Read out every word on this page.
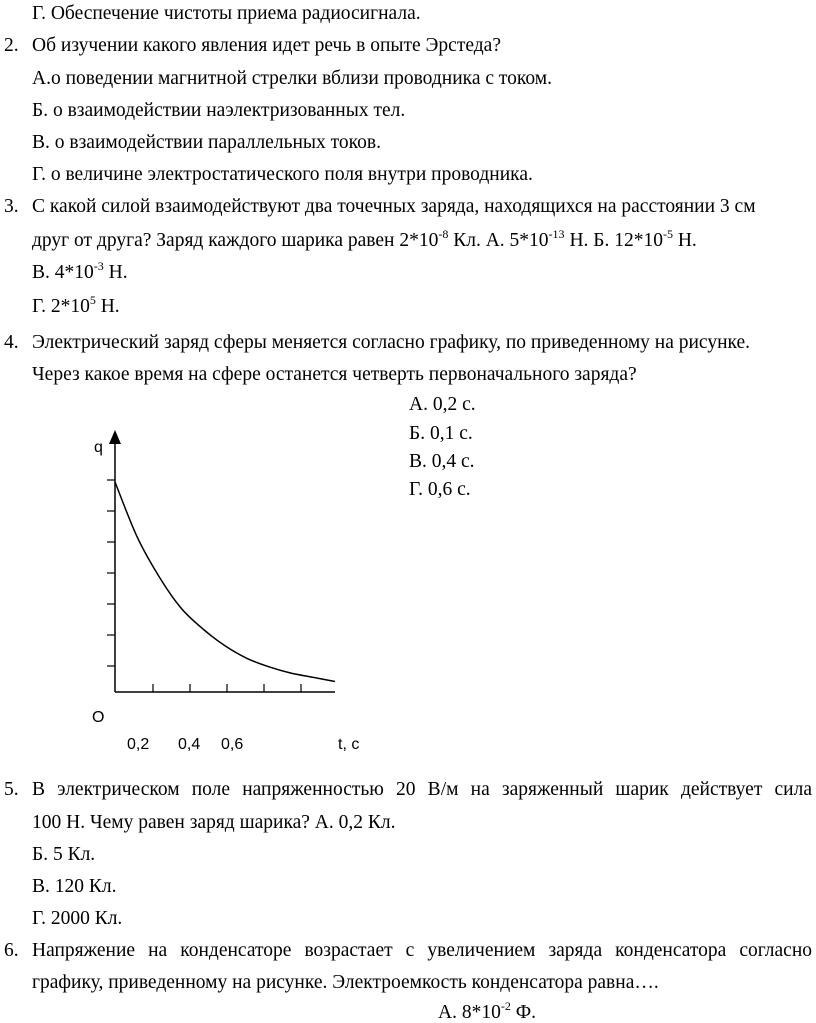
Г. Обеспечение чистоты приема радиосигнала.
2. Об изучении какого явления идет речь в опыте Эрстеда?
А.о поведении магнитной стрелки вблизи проводника с током.
Б. о взаимодействии наэлектризованных тел.
В. о взаимодействии параллельных токов.
Г. о величине электростатического поля внутри проводника.
3. С какой силой взаимодействуют два точечных заряда, находящихся на расстоянии 3 см
друг от друга? Заряд каждого шарика равен $2*10^{-8}$ Кл. А. $5*10^{-13}$ Н. Б. $12*10^{-5}$ Н.
В. $4*10^{-3}$ Н.
Г. $2*10^5$ Н.
4. Электрический заряд сферы меняется согласно графику, по приведенному на рисунке.
Через какое время на сфере останется четверть первоначального заряда?
А. 0,2 с.
Б. 0,1 с.
В. 0,4 с.
Г. 0,6 с.
q
О
0,2 0,4 0,6	t, c
5. В электрическом поле напряженностью 20 В/м на заряженный шарик действует сила
100 Н. Чему равен заряд шарика? А. 0,2 Кл.
Б. 5 Кл.
В. 120 Кл.
Г. 2000 Кл.
6. Напряжение на конденсаторе возрастает с увеличением заряда конденсатора согласно
графику, приведенному на рисунке. Электроемкость конденсатора равна….
А. $8*10^{-2}$ Ф.
